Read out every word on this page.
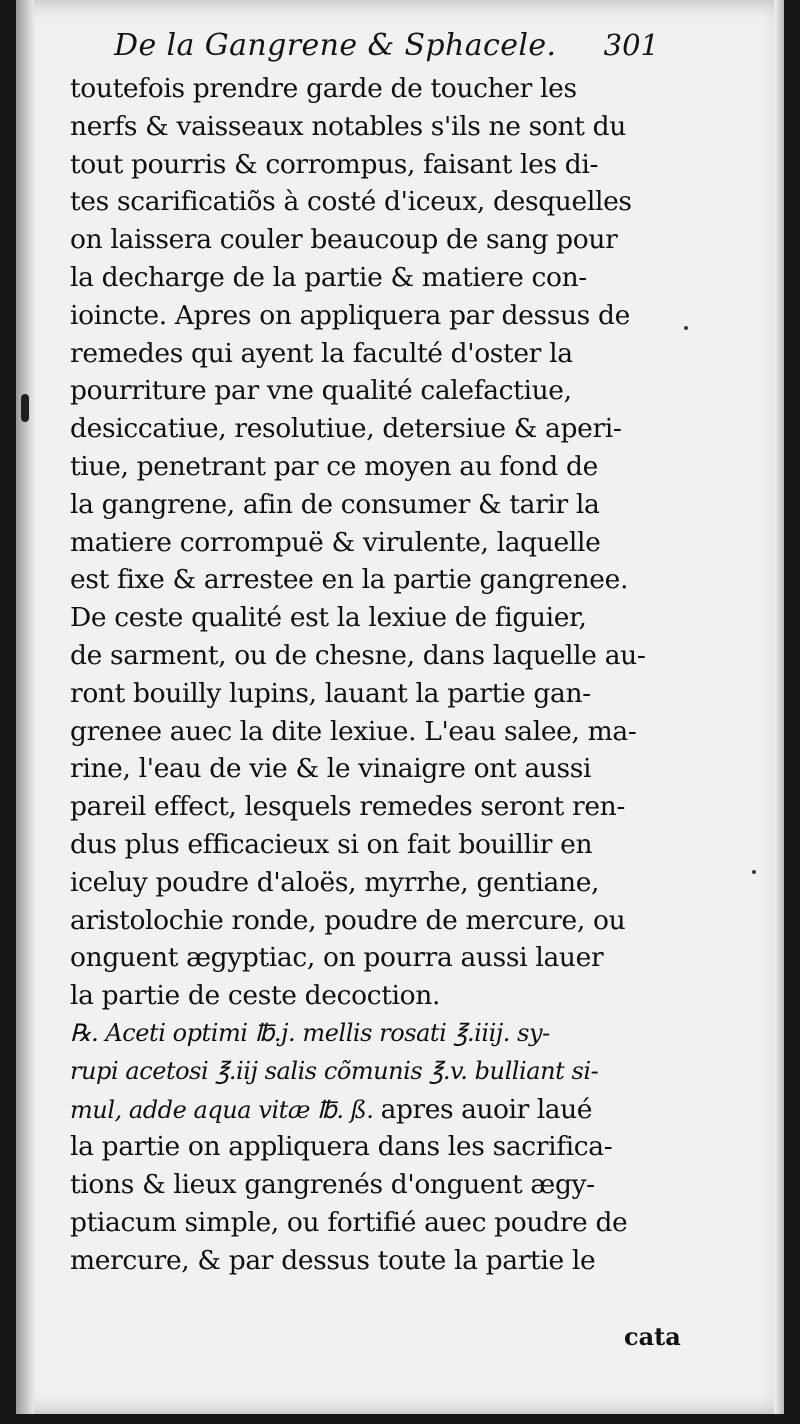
De la Gangrene & Sphacele. 301
toutefois prendre garde de toucher les
nerfs & vaisseaux notables s'ils ne sont du
tout pourris & corrompus, faisant les di-
tes scarificatiõs à costé d'iceux, desquelles
on laissera couler beaucoup de sang pour
la decharge de la partie & matiere con-
ioincte. Apres on appliquera par dessus de
remedes qui ayent la faculté d'oster la
pourriture par vne qualité calefactiue,
desiccatiue, resolutiue, detersiue & aperi-
tiue, penetrant par ce moyen au fond de
la gangrene, afin de consumer & tarir la
matiere corrompuë & virulente, laquelle
est fixe & arrestee en la partie gangrenee.
De ceste qualité est la lexiue de figuier,
de sarment, ou de chesne, dans laquelle au-
ront bouilly lupins, lauant la partie gan-
grenee auec la dite lexiue. L'eau salee, ma-
rine, l'eau de vie & le vinaigre ont aussi
pareil effect, lesquels remedes seront ren-
dus plus efficacieux si on fait bouillir en
iceluy poudre d'aloës, myrrhe, gentiane,
aristolochie ronde, poudre de mercure, ou
onguent ægyptiac, on pourra aussi lauer
la partie de ceste decoction.
℞. Aceti optimi ℔.j. mellis rosati ℥.iiij. sy-
rupi acetosi ℥.iij salis cõmunis ℥.v. bulliant si-
mul, adde aqua vitæ ℔. ß. apres auoir laué
la partie on appliquera dans les sacrifica-
tions & lieux gangrenés d'onguent ægy-
ptiacum simple, ou fortifié auec poudre de
mercure, & par dessus toute la partie le
cata
